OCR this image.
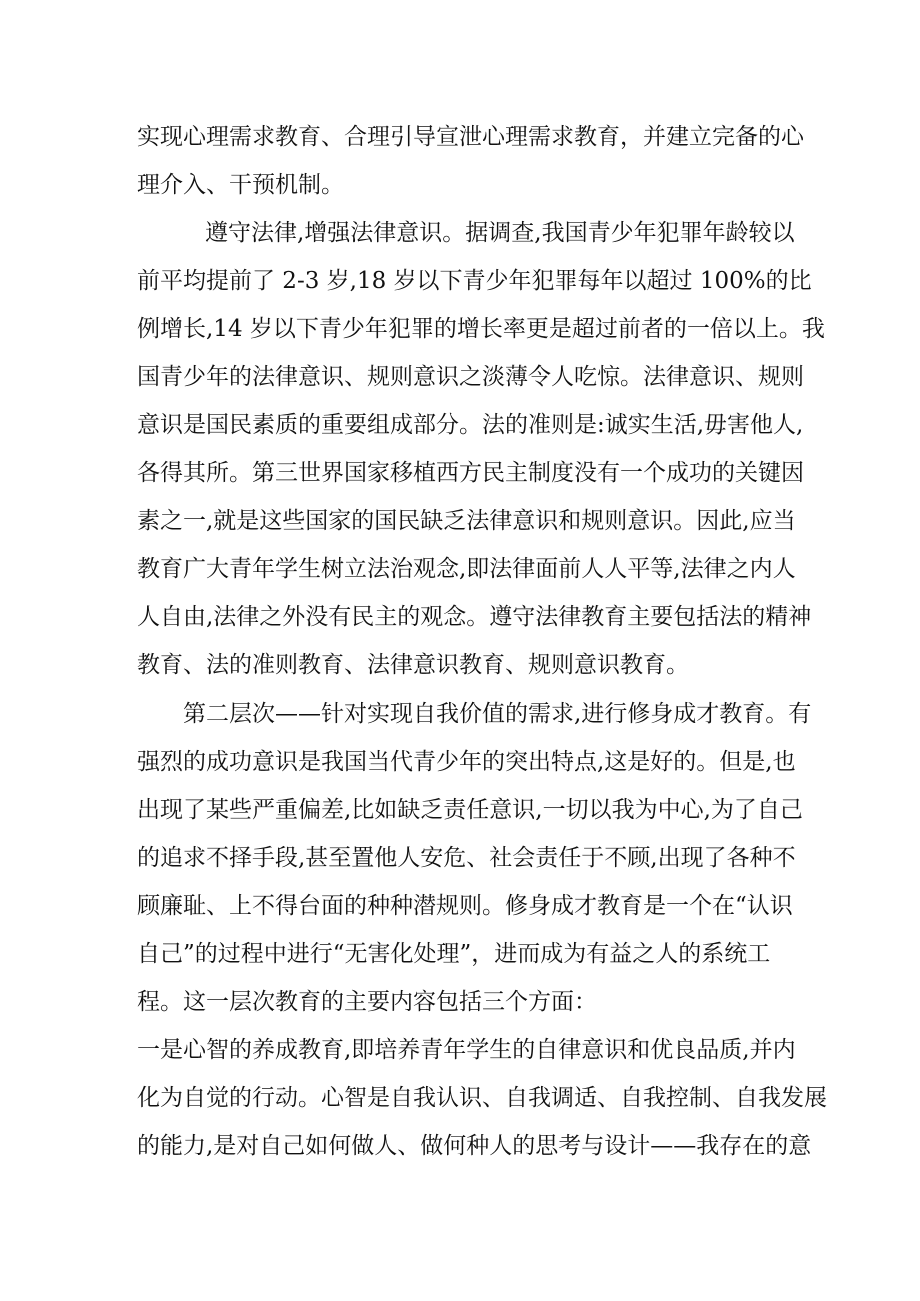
实现心理需求教育、合理引导宣泄心理需求教育，并建立完备的心
理介入、干预机制。
遵守法律,增强法律意识。据调查,我国青少年犯罪年龄较以
前平均提前了 2-3 岁,18 岁以下青少年犯罪每年以超过 100%的比
例增长,14 岁以下青少年犯罪的增长率更是超过前者的一倍以上。我
国青少年的法律意识、规则意识之淡薄令人吃惊。法律意识、规则
意识是国民素质的重要组成部分。法的准则是:诚实生活,毋害他人,
各得其所。第三世界国家移植西方民主制度没有一个成功的关键因
素之一,就是这些国家的国民缺乏法律意识和规则意识。因此,应当
教育广大青年学生树立法治观念,即法律面前人人平等,法律之内人
人自由,法律之外没有民主的观念。遵守法律教育主要包括法的精神
教育、法的准则教育、法律意识教育、规则意识教育。
第二层次——针对实现自我价值的需求,进行修身成才教育。有
强烈的成功意识是我国当代青少年的突出特点,这是好的。但是,也
出现了某些严重偏差,比如缺乏责任意识,一切以我为中心,为了自己
的追求不择手段,甚至置他人安危、社会责任于不顾,出现了各种不
顾廉耻、上不得台面的种种潜规则。修身成才教育是一个在“认识
自己”的过程中进行“无害化处理”，进而成为有益之人的系统工
程。这一层次教育的主要内容包括三个方面：
一是心智的养成教育,即培养青年学生的自律意识和优良品质,并内
化为自觉的行动。心智是自我认识、自我调适、自我控制、自我发展
的能力,是对自己如何做人、做何种人的思考与设计——我存在的意
